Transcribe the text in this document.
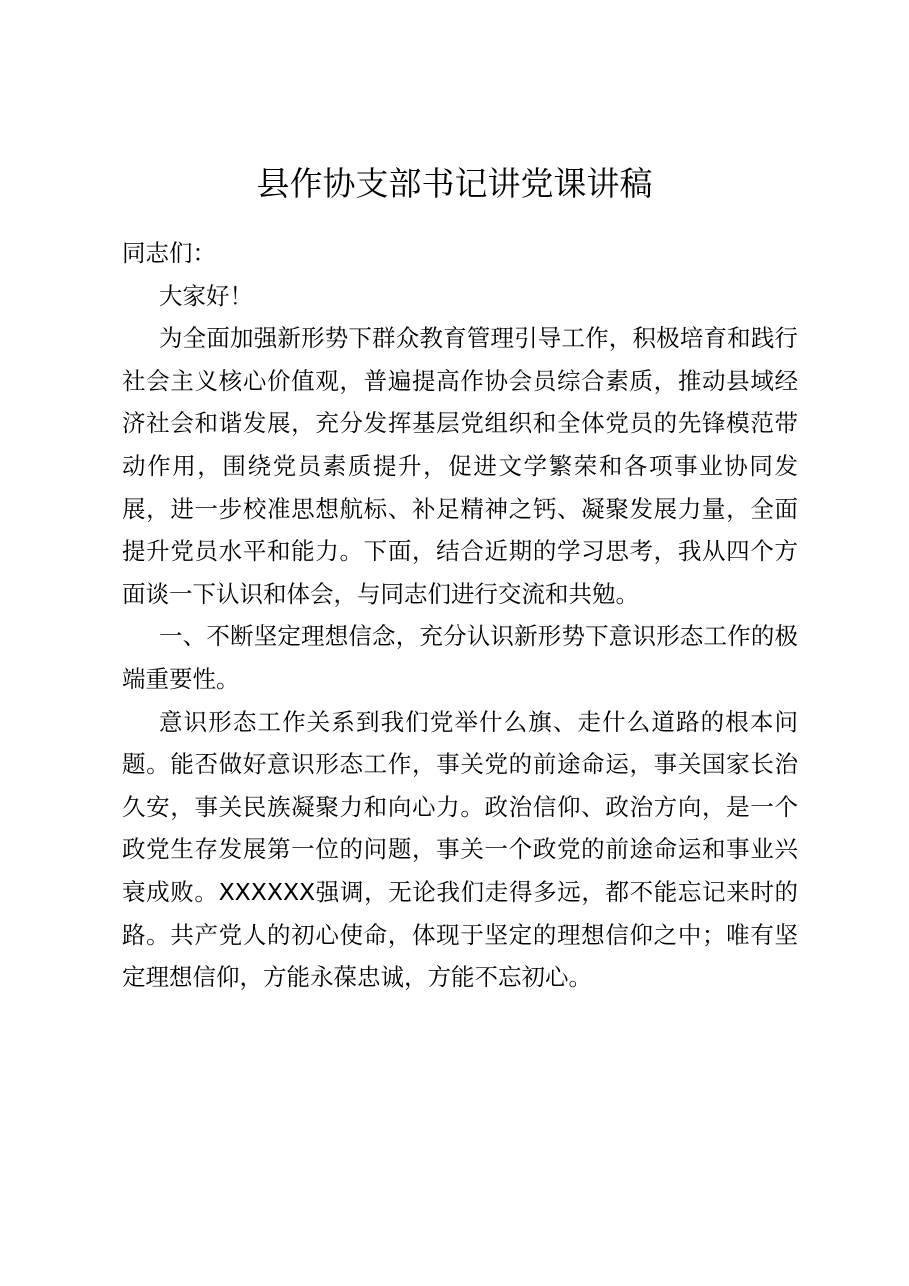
县作协支部书记讲党课讲稿

同志们：

大家好！

为全面加强新形势下群众教育管理引导工作，积极培育和践行社会主义核心价值观，普遍提高作协会员综合素质，推动县域经济社会和谐发展，充分发挥基层党组织和全体党员的先锋模范带动作用，围绕党员素质提升，促进文学繁荣和各项事业协同发展，进一步校准思想航标、补足精神之钙、凝聚发展力量，全面提升党员水平和能力。下面，结合近期的学习思考，我从四个方面谈一下认识和体会，与同志们进行交流和共勉。

一、不断坚定理想信念，充分认识新形势下意识形态工作的极端重要性。

意识形态工作关系到我们党举什么旗、走什么道路的根本问题。能否做好意识形态工作，事关党的前途命运，事关国家长治久安，事关民族凝聚力和向心力。政治信仰、政治方向，是一个政党生存发展第一位的问题，事关一个政党的前途命运和事业兴衰成败。XXXXXX强调，无论我们走得多远，都不能忘记来时的路。共产党人的初心使命，体现于坚定的理想信仰之中；唯有坚定理想信仰，方能永葆忠诚，方能不忘初心。
